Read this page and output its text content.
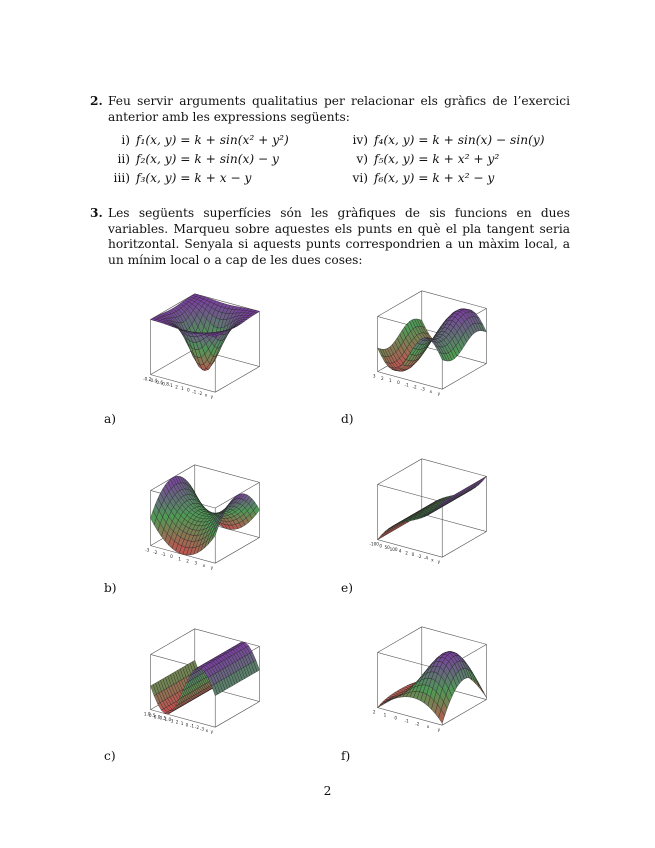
2. Feu servir arguments qualitatius per relacionar els gràfics de l’exercici anterior amb les expressions següents:
i) f₁(x, y) = k + sin(x² + y²)
ii) f₂(x, y) = k + sin(x) − y
iii) f₃(x, y) = k + x − y
iv) f₄(x, y) = k + sin(x) − sin(y)
v) f₅(x, y) = k + x² + y²
vi) f₆(x, y) = k + x² − y
3. Les següents superfícies són les gràfiques de sis funcions en dues variables. Marqueu sobre aquestes els punts en què el pla tangent seria horitzontal. Senyala si aquests punts correspondrien a un màxim local, a un mínim local o a cap de les dues coses:
-0.2
-0.4
-0.6
-0.8 -1 2 1 0 -1 -2 x y
3 2 1 0 -1 -2 -3 x y
-3 -2 -1 0 1 2 3 x y
-100 0 50 100 4 2 0 -2 -4 x y
1.0
0.5
0.0
-0.5
-1.0 3 2 1 0 -1 -2 -3 x y
2
1
0
-1
-2
x
y
a)	d)
b)	e)
c)	f)
2
